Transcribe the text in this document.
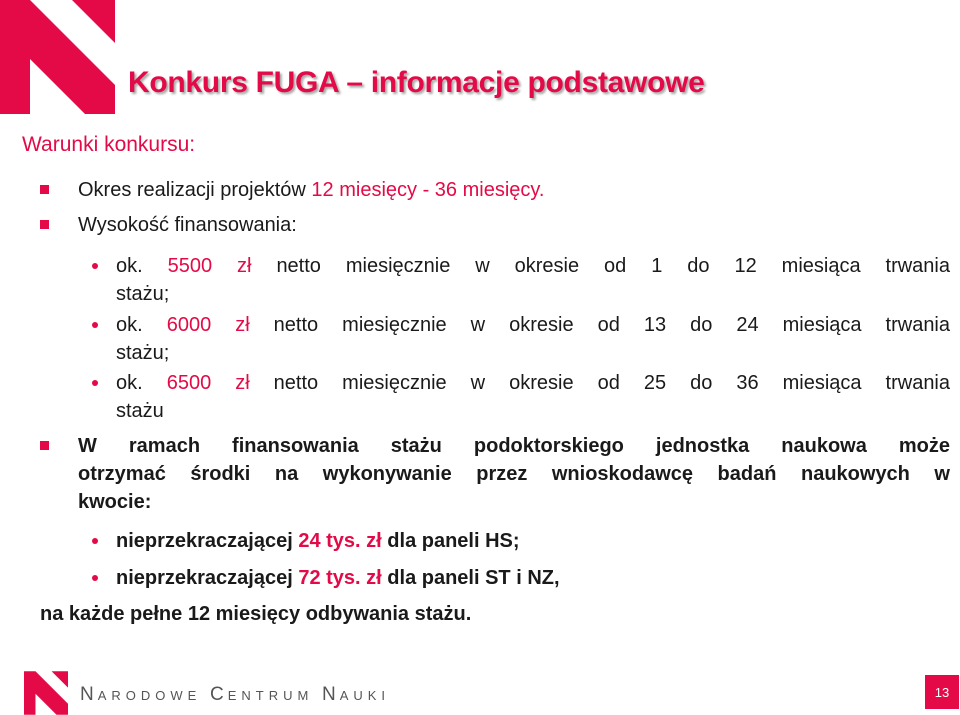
Konkurs FUGA – informacje podstawowe
Warunki konkursu:
Okres realizacji projektów 12 miesięcy - 36 miesięcy.
Wysokość finansowania:
ok. 5500 zł netto miesięcznie w okresie od 1 do 12 miesiąca trwania
stażu;
ok. 6000 zł netto miesięcznie w okresie od 13 do 24 miesiąca trwania
stażu;
ok. 6500 zł netto miesięcznie w okresie od 25 do 36 miesiąca trwania
stażu
W ramach finansowania stażu podoktorskiego jednostka naukowa może
otrzymać środki na wykonywanie przez wnioskodawcę badań naukowych w
kwocie:
nieprzekraczającej 24 tys. zł dla paneli HS;
nieprzekraczającej 72 tys. zł dla paneli ST i NZ,
na każde pełne 12 miesięcy odbywania stażu.
NARODOWE CENTRUM NAUKI	13
